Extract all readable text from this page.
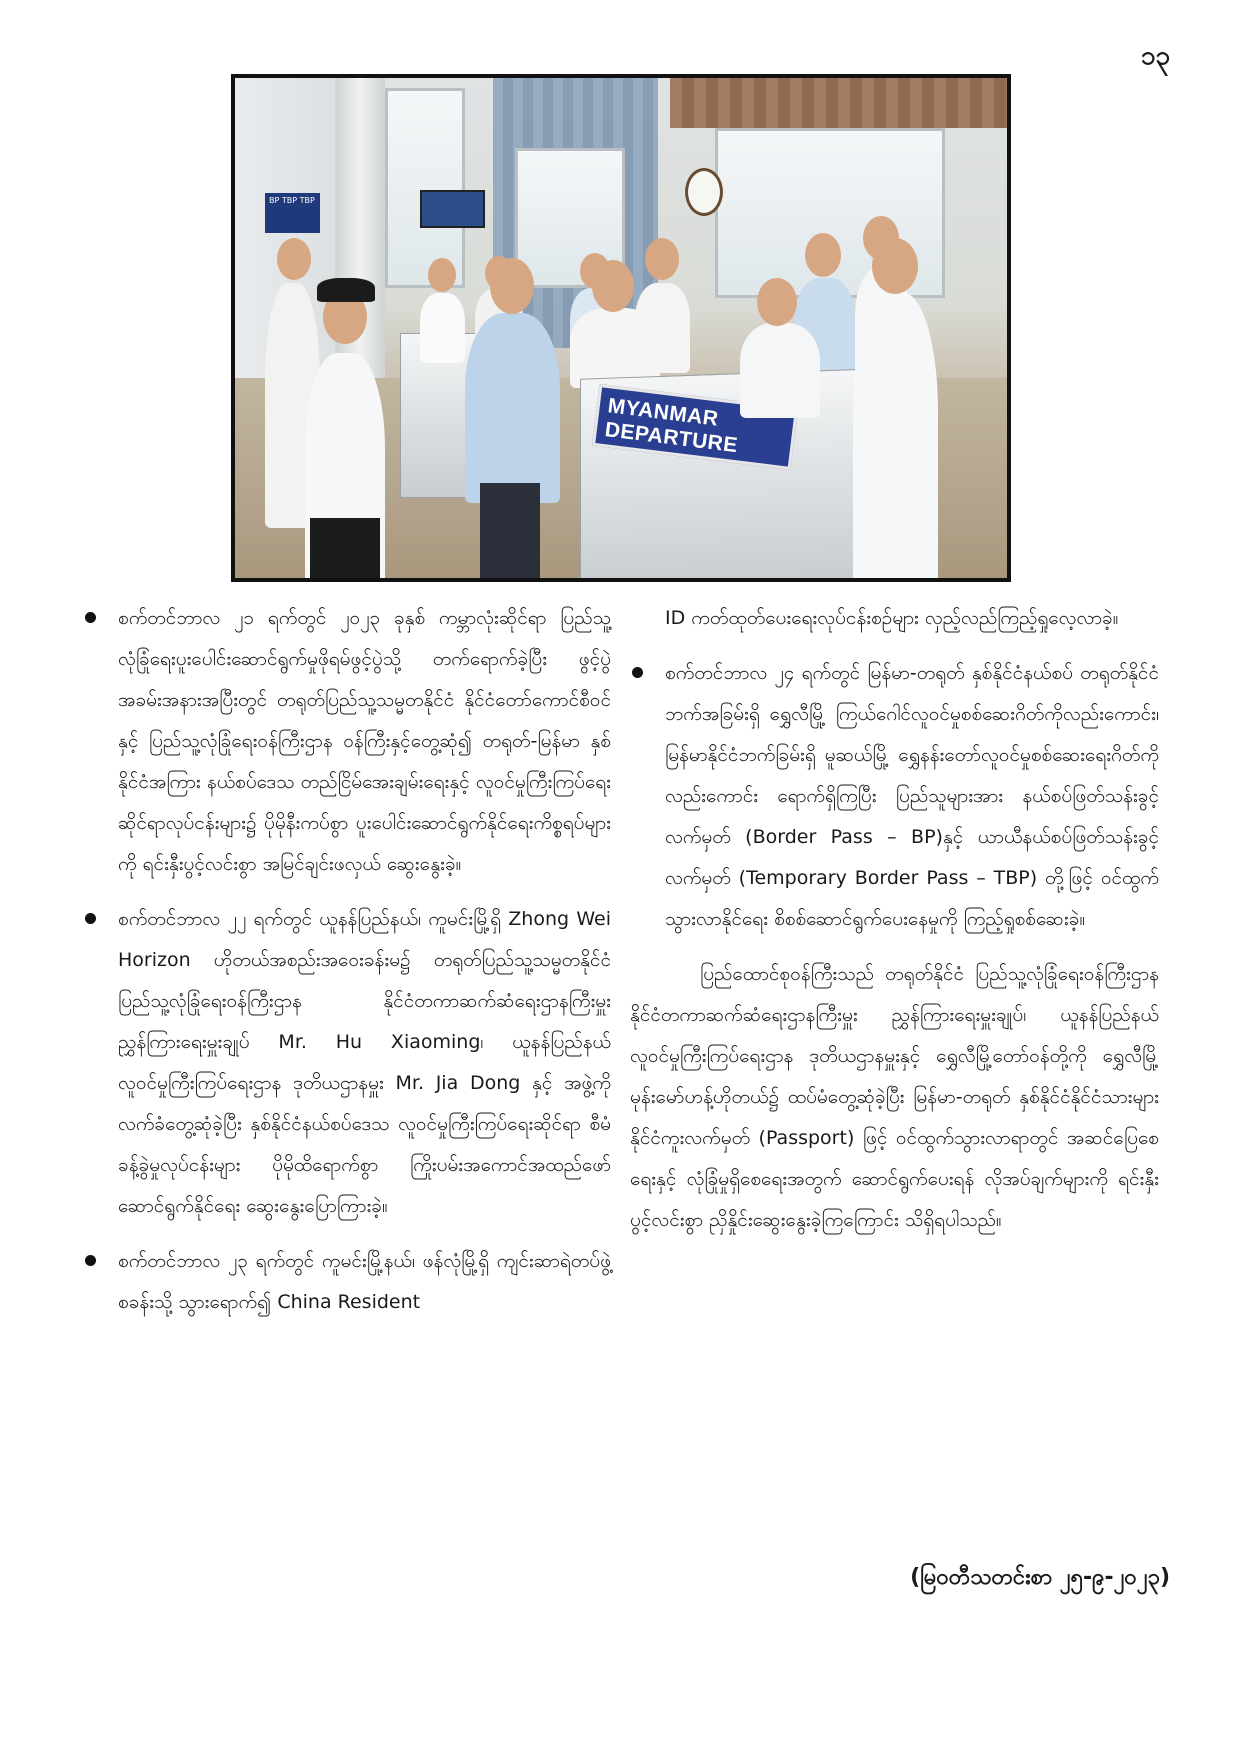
၁၃
BP TBP TBP
MYANMAR DEPARTURE
စက်တင်ဘာလ ၂၁ ရက်တွင် ၂၀၂၃ ခုနှစ် ကမ္ဘာလုံးဆိုင်ရာ ပြည်သူ့လုံခြုံရေးပူးပေါင်းဆောင်ရွက်မှုဖိုရမ်ဖွင့်ပွဲသို့ တက်ရောက်ခဲ့ပြီး ဖွင့်ပွဲအခမ်းအနားအပြီးတွင် တရုတ်ပြည်သူ့သမ္မတနိုင်ငံ နိုင်ငံတော်ကောင်စီဝင်နှင့် ပြည်သူ့လုံခြုံရေးဝန်ကြီးဌာန ဝန်ကြီးနှင့်တွေ့ဆုံ၍ တရုတ်-မြန်မာ နှစ်နိုင်ငံအကြား နယ်စပ်ဒေသ တည်ငြိမ်အေးချမ်းရေးနှင့် လူဝင်မှုကြီးကြပ်ရေးဆိုင်ရာလုပ်ငန်းများ၌ ပိုမိုနီးကပ်စွာ ပူးပေါင်းဆောင်ရွက်နိုင်ရေးကိစ္စရပ်များကို ရင်းနှီးပွင့်လင်းစွာ အမြင်ချင်းဖလှယ် ဆွေးနွေးခဲ့။
စက်တင်ဘာလ ၂၂ ရက်တွင် ယူနန်ပြည်နယ်၊ ကူမင်းမြို့ရှိ Zhong Wei Horizon ဟိုတယ်အစည်းအဝေးခန်းမ၌ တရုတ်ပြည်သူ့သမ္မတနိုင်ငံ ပြည်သူ့လုံခြုံရေးဝန်ကြီးဌာန နိုင်ငံတကာဆက်ဆံရေးဌာနကြီးမှူး ညွှန်ကြားရေးမှူးချုပ် Mr. Hu Xiaoming၊ ယူနန်ပြည်နယ် လူဝင်မှုကြီးကြပ်ရေးဌာန ဒုတိယဌာနမှူး Mr. Jia Dong နှင့် အဖွဲ့ကို လက်ခံတွေ့ဆုံခဲ့ပြီး နှစ်နိုင်ငံနယ်စပ်ဒေသ လူဝင်မှုကြီးကြပ်ရေးဆိုင်ရာ စီမံခန့်ခွဲမှုလုပ်ငန်းများ ပိုမိုထိရောက်စွာ ကြိုးပမ်းအကောင်အထည်ဖော် ဆောင်ရွက်နိုင်ရေး ဆွေးနွေးပြောကြားခဲ့။
စက်တင်ဘာလ ၂၃ ရက်တွင် ကူမင်းမြို့နယ်၊ ဖန်လုံမြို့ရှိ ကျင်းဆာရဲတပ်ဖွဲ့စခန်းသို့ သွားရောက်၍ China Resident
ID ကတ်ထုတ်ပေးရေးလုပ်ငန်းစဉ်များ လှည့်လည်ကြည့်ရှုလေ့လာခဲ့။
စက်တင်ဘာလ ၂၄ ရက်တွင် မြန်မာ-တရုတ် နှစ်နိုင်ငံနယ်စပ် တရုတ်နိုင်ငံဘက်အခြမ်းရှိ ရွှေလီမြို့ ကြယ်ဂေါင်လူဝင်မှုစစ်ဆေးဂိတ်ကိုလည်းကောင်း၊ မြန်မာနိုင်ငံဘက်ခြမ်းရှိ မူဆယ်မြို့ ရွှေနန်းတော်လူဝင်မှုစစ်ဆေးရေးဂိတ်ကိုလည်းကောင်း ရောက်ရှိကြပြီး ပြည်သူများအား နယ်စပ်ဖြတ်သန်းခွင့်လက်မှတ် (Border Pass – BP)နှင့် ယာယီနယ်စပ်ဖြတ်သန်းခွင့်လက်မှတ် (Temporary Border Pass – TBP) တို့ဖြင့် ဝင်ထွက်သွားလာနိုင်ရေး စိစစ်ဆောင်ရွက်ပေးနေမှုကို ကြည့်ရှုစစ်ဆေးခဲ့။
ပြည်ထောင်စုဝန်ကြီးသည် တရုတ်နိုင်ငံ ပြည်သူ့လုံခြုံရေးဝန်ကြီးဌာန နိုင်ငံတကာဆက်ဆံရေးဌာနကြီးမှူး ညွှန်ကြားရေးမှူးချုပ်၊ ယူနန်ပြည်နယ် လူဝင်မှုကြီးကြပ်ရေးဌာန ဒုတိယဌာနမှူးနှင့် ရွှေလီမြို့တော်ဝန်တို့ကို ရွှေလီမြို့ မုန်းမော်ဟန့်ဟိုတယ်၌ ထပ်မံတွေ့ဆုံခဲ့ပြီး မြန်မာ-တရုတ် နှစ်နိုင်ငံနိုင်ငံသားများ နိုင်ငံကူးလက်မှတ် (Passport) ဖြင့် ဝင်ထွက်သွားလာရာတွင် အဆင်ပြေစေရေးနှင့် လုံခြုံမှုရှိစေရေးအတွက် ဆောင်ရွက်ပေးရန် လိုအပ်ချက်များကို ရင်းနှီးပွင့်လင်းစွာ ညှိနှိုင်းဆွေးနွေးခဲ့ကြကြောင်း သိရှိရပါသည်။
(မြဝတီသတင်းစာ ၂၅-၉-၂၀၂၃)
